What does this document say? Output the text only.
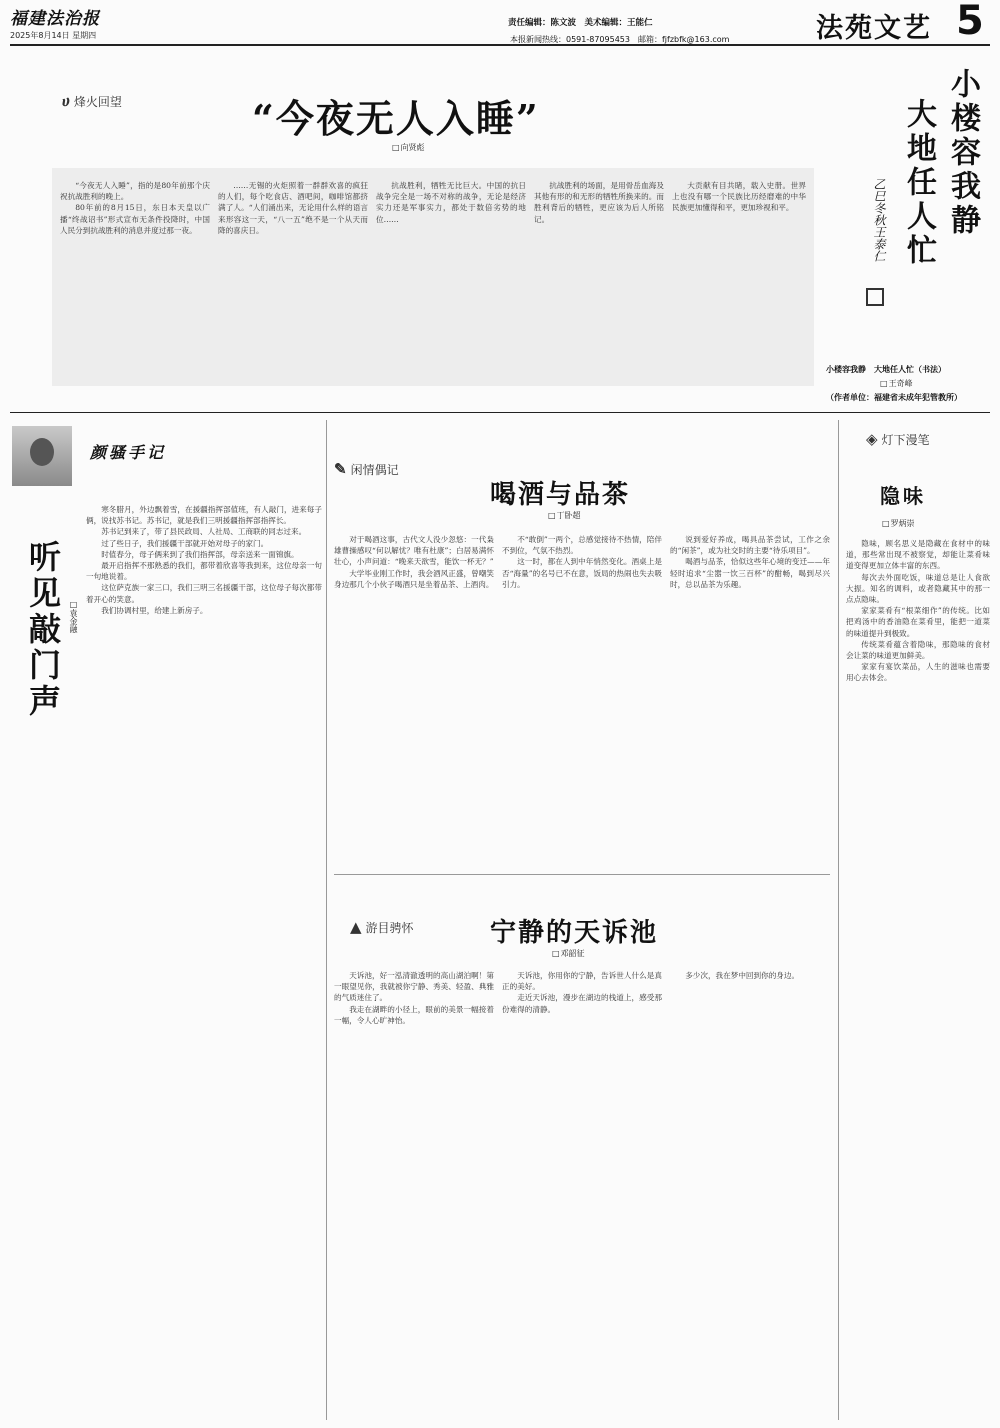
福建法治报
2025年8月14日 星期四
责任编辑：陈文波　美术编辑：王能仁
本报新闻热线：0591-87095453　邮箱：fjfzbfk@163.com	法苑文艺 5
ሀ 烽火回望	“今夜无人入睡”
□ 向贤彪

“今夜无人入睡”，指的是80年前那个庆祝抗战胜利的晚上。

80年前的8月15日，东日本天皇以广播“终战诏书”形式宣布无条件投降时，中国人民分到抗战胜利的消息并度过那一夜。

……无锡的火炬照着一群群欢喜的疯狂的人们，每个吃食店、酒吧间，咖啡馆都挤满了人。“人们涌出来，无论用什么样的语言来形容这一天，“八一五”绝不是一个从天而降的喜庆日。

抗战胜利，牺牲无比巨大。中国的抗日战争完全是一场不对称的战争，无论是经济实力还是军事实力，都处于数倍劣势的地位……

抗战胜利的场面，是用骨岳血海及其他有形的和无形的牺牲所换来的。而胜利背后的牺牲，更应该为后人所铭记。

大贡献有目共睹，载入史册。世界上也没有哪一个民族比历经磨难的中华民族更加懂得和平，更加珍视和平。	小楼容我静
大地任人忙
乙巳冬秋王泰仁
小楼容我静　大地任人忙（书法）
□ 王奇峰
（作者单位：福建省未成年犯管教所）
◈ 灯下漫笔
隐味
□ 罗炳崇

隐味，顾名思义是隐藏在食材中的味道，那些常出现不被察觉，却能让菜肴味道变得更加立体丰富的东西。

每次去外面吃饭，味道总是让人食欲大振。知名的调料，或者隐藏其中的那一点点隐味。

家家菜肴有“根菜细作”的传统。比如把鸡汤中的香油隐在菜肴里，能把一道菜的味道提升到极致。

传统菜肴蕴含着隐味，那隐味的食材会让菜的味道更加鲜美。

家家有宴饮菜品，人生的滋味也需要用心去体会。

颜骚手记
听见敲门声
□ 袁金融

寒冬腊月，外边飘着雪，在援疆指挥部值班，有人敲门，进来每子俩，说找苏书记。苏书记，就是我们三明援疆指挥部指挥长。

苏书记到来了，带了县民政局、人社局、工商联的同志过来。

过了些日子，我们援疆干部就开始对母子的家门。

时值春分，母子俩来到了我们指挥部，母亲送来一面锦旗。

最开启指挥不那熟悉的我们，都带着欣喜等我到来，这位母亲一句一句地说着。

这位萨克族一家三口，我们三明三名援疆干部，这位母子每次都带着开心的笑意。

我们协调村里，给建上新房子。

✎ 闲情偶记
喝酒与品茶
□ 丁卧超

对于喝酒这事，古代文人没少忽悠：一代枭雄曹操感叹“何以解忧？唯有杜康”；白居易满怀壮心，小声问道：“晚来天欲雪，能饮一杯无？”

大学毕业刚工作时，我会酒风正盛，曾嘲笑身边那几个小伙子喝酒只是坐着品茶、上酒肉。

不“敢倒”一两个，总感觉接待不热情，陪伴不到位，气氛不热烈。

这一时，都在人到中年悄然变化。酒桌上是否“海量”的名号已不在意，饭局的热闹也失去吸引力。

说到爱好养成，喝具品茶尝试，工作之余的“闲茶”，或为社交时的主要“待乐项目”。

喝酒与品茶，恰似这些年心境的变迁——年轻时追求“尘嚣一饮三百杯”的酣畅，喝到尽兴时，总以品茶为乐趣。

▲ 游目骋怀	宁静的天诉池
□ 邓韶征

天诉池，好一泓清澈透明的高山湖泊啊！第一眼望见你，我就被你宁静、秀美、轻盈、典雅的气质迷住了。

我走在湖畔的小径上，眼前的美景一幅接着一幅，令人心旷神怡。

天诉池，你用你的宁静，告诉世人什么是真正的美好。

走近天诉池，漫步在湖边的栈道上，感受那份难得的清静。

多少次，我在梦中回到你的身边。
